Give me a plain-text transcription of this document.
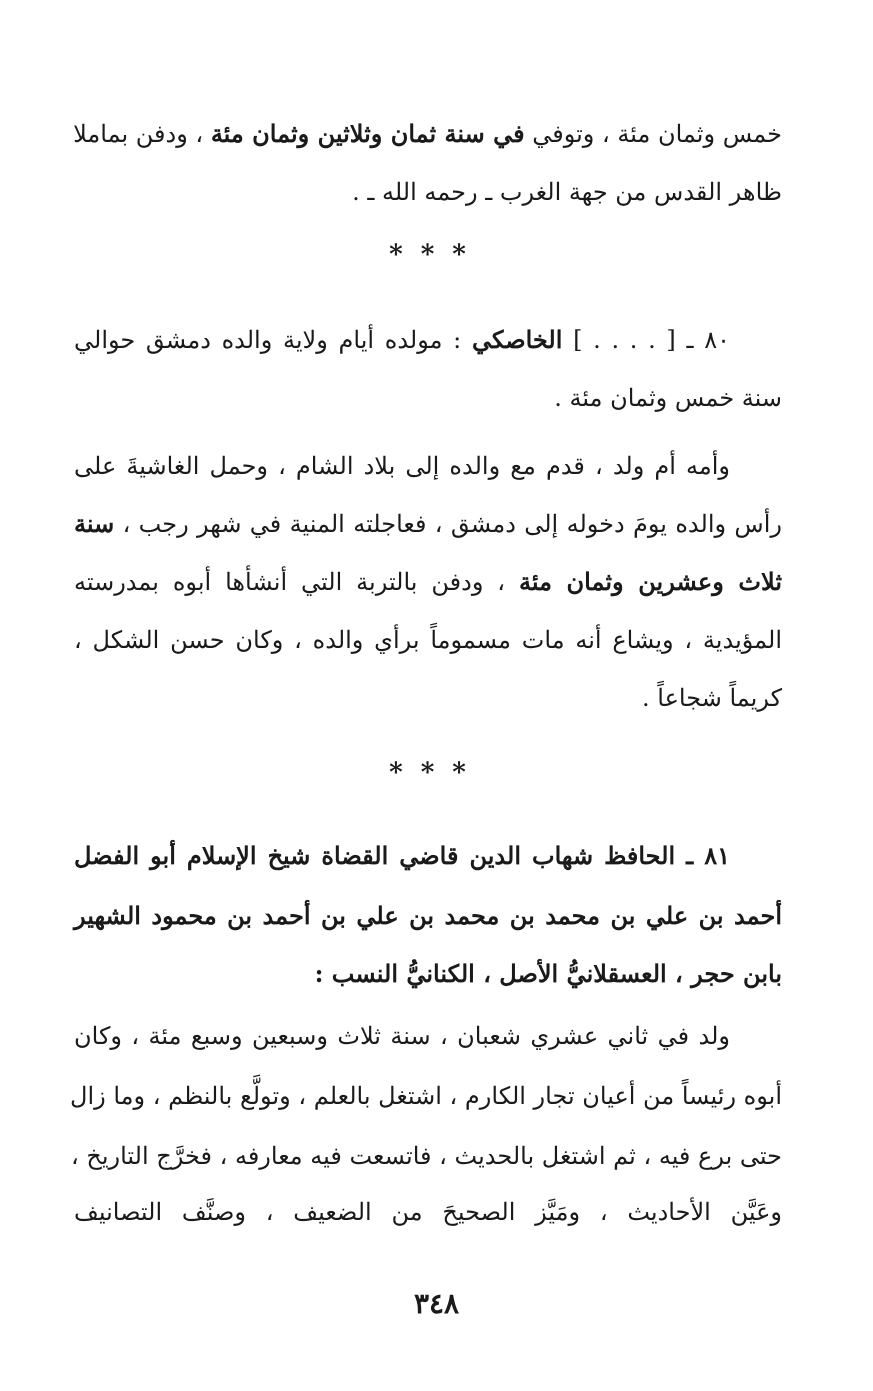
خمس وثمان مئة ، وتوفي في سنة ثمان وثلاثين وثمان مئة ، ودفن بماملا
ظاهر القدس من جهة الغرب ـ رحمه الله ـ .
***
٨٠ ـ [ . . . . ] الخاصكي : مولده أيام ولاية والده دمشق حوالي
سنة خمس وثمان مئة .
وأمه أم ولد ، قدم مع والده إلى بلاد الشام ، وحمل الغاشيةَ على
رأس والده يومَ دخوله إلى دمشق ، فعاجلته المنية في شهر رجب ، سنة
ثلاث وعشرين وثمان مئة ، ودفن بالتربة التي أنشأها أبوه بمدرسته
المؤيدية ، ويشاع أنه مات مسموماً برأي والده ، وكان حسن الشكل ،
كريماً شجاعاً .
***
٨١ ـ الحافظ شهاب الدين قاضي القضاة شيخ الإسلام أبو الفضل
أحمد بن علي بن محمد بن محمد بن علي بن أحمد بن محمود الشهير
بابن حجر ، العسقلانيُّ الأصل ، الكنانيُّ النسب :
ولد في ثاني عشري شعبان ، سنة ثلاث وسبعين وسبع مئة ، وكان
أبوه رئيساً من أعيان تجار الكارم ، اشتغل بالعلم ، وتولَّع بالنظم ، وما زال
حتى برع فيه ، ثم اشتغل بالحديث ، فاتسعت فيه معارفه ، فخرَّج التاريخ ،
وعَيَّن الأحاديث ، ومَيَّز الصحيحَ من الضعيف ، وصنَّف التصانيف
٣٤٨
